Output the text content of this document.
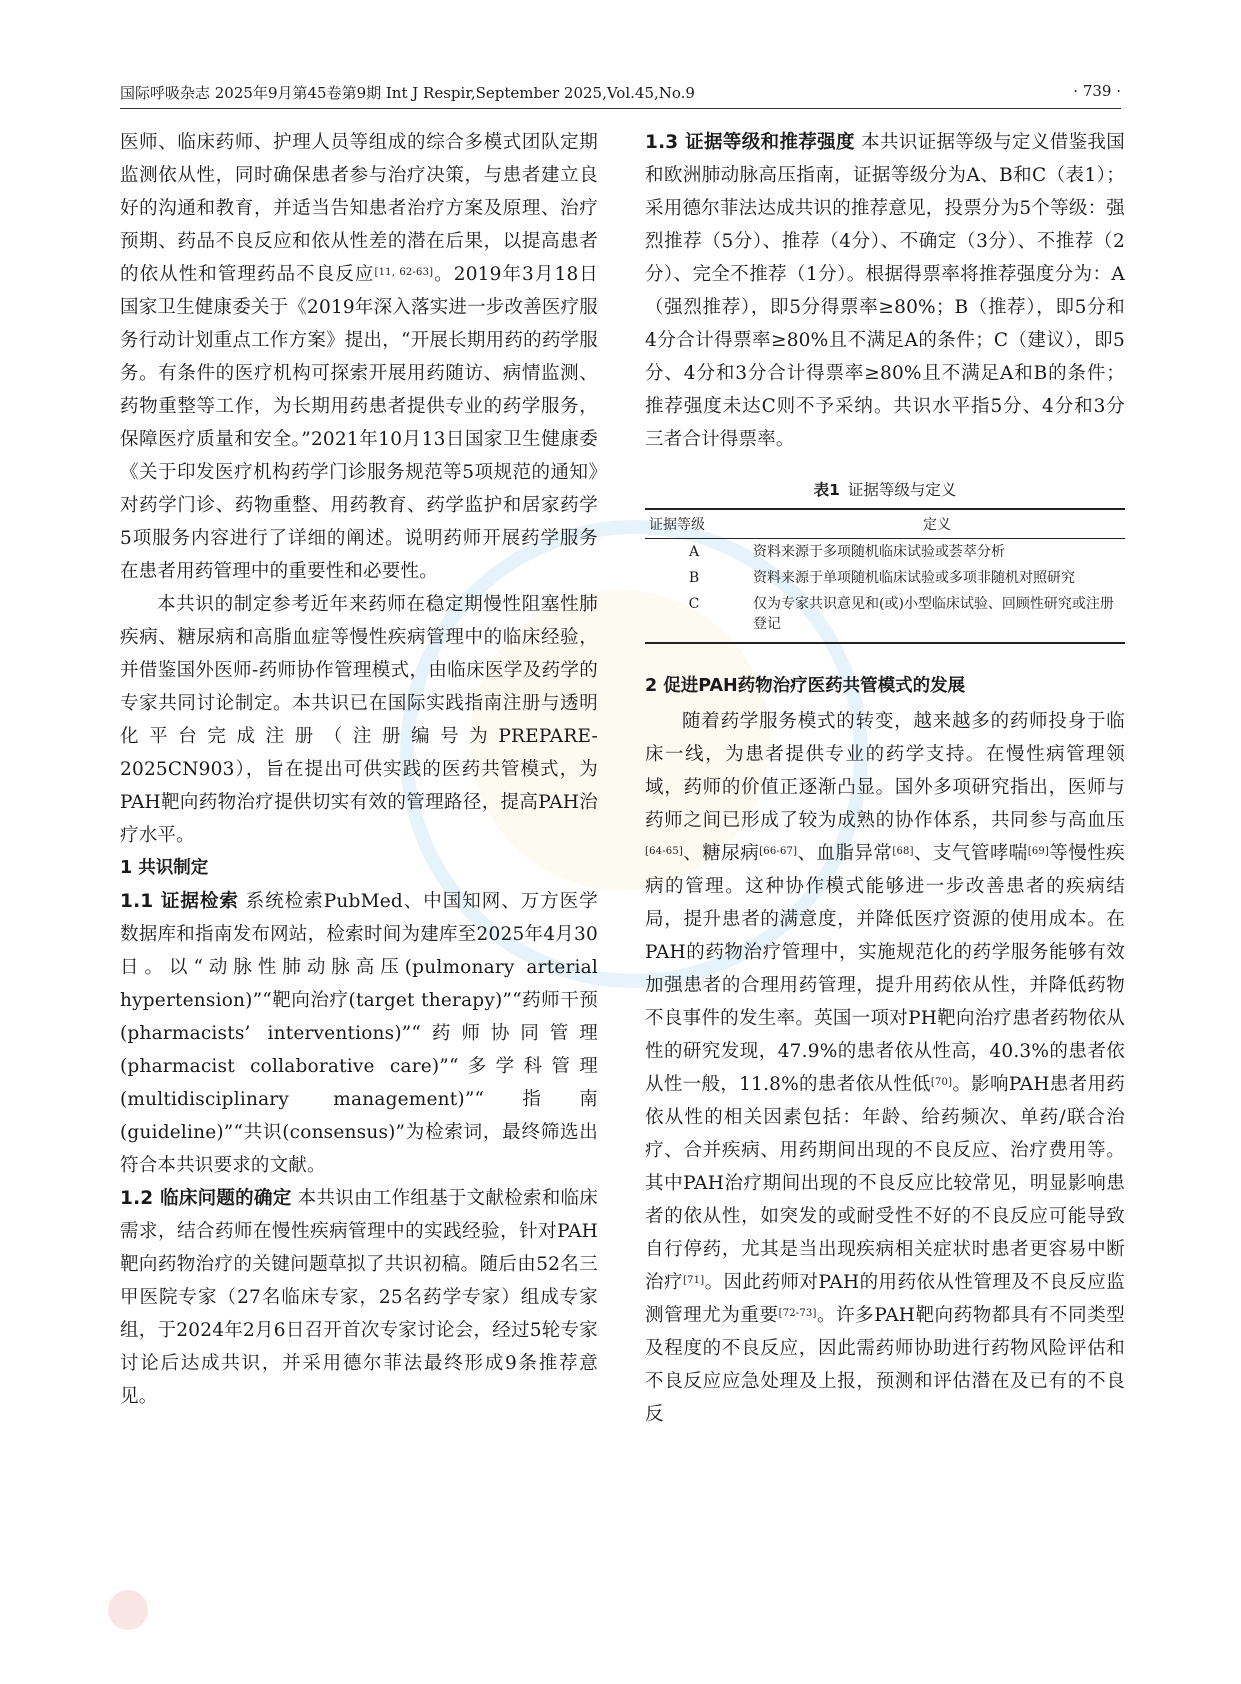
国际呼吸杂志 2025年9月第45卷第9期 Int J Respir,September 2025,Vol.45,No.9	· 739 ·

医师、临床药师、护理人员等组成的综合多模式团队定期监测依从性，同时确保患者参与治疗决策，与患者建立良好的沟通和教育，并适当告知患者治疗方案及原理、治疗预期、药品不良反应和依从性差的潜在后果，以提高患者的依从性和管理药品不良反应[11, 62-63]。2019年3月18日国家卫生健康委关于《2019年深入落实进一步改善医疗服务行动计划重点工作方案》提出，“开展长期用药的药学服务。有条件的医疗机构可探索开展用药随访、病情监测、药物重整等工作，为长期用药患者提供专业的药学服务，保障医疗质量和安全。”2021年10月13日国家卫生健康委《关于印发医疗机构药学门诊服务规范等5项规范的通知》对药学门诊、药物重整、用药教育、药学监护和居家药学5项服务内容进行了详细的阐述。说明药师开展药学服务在患者用药管理中的重要性和必要性。

本共识的制定参考近年来药师在稳定期慢性阻塞性肺疾病、糖尿病和高脂血症等慢性疾病管理中的临床经验，并借鉴国外医师-药师协作管理模式，由临床医学及药学的专家共同讨论制定。本共识已在国际实践指南注册与透明化平台完成注册（注册编号为PREPARE-2025CN903），旨在提出可供实践的医药共管模式，为PAH靶向药物治疗提供切实有效的管理路径，提高PAH治疗水平。

1 共识制定

1.1 证据检索 系统检索PubMed、中国知网、万方医学数据库和指南发布网站，检索时间为建库至2025年4月30日。以“动脉性肺动脉高压(pulmonary arterial hypertension)”“靶向治疗(target therapy)”“药师干预(pharmacists’ interventions)”“药师协同管理(pharmacist collaborative care)”“多学科管理(multidisciplinary management)”“指南(guideline)”“共识(consensus)”为检索词，最终筛选出符合本共识要求的文献。

1.2 临床问题的确定 本共识由工作组基于文献检索和临床需求，结合药师在慢性疾病管理中的实践经验，针对PAH靶向药物治疗的关键问题草拟了共识初稿。随后由52名三甲医院专家（27名临床专家，25名药学专家）组成专家组，于2024年2月6日召开首次专家讨论会，经过5轮专家讨论后达成共识，并采用德尔菲法最终形成9条推荐意见。

1.3 证据等级和推荐强度 本共识证据等级与定义借鉴我国和欧洲肺动脉高压指南，证据等级分为A、B和C（表1）；采用德尔菲法达成共识的推荐意见，投票分为5个等级：强烈推荐（5分）、推荐（4分）、不确定（3分）、不推荐（2分）、完全不推荐（1分）。根据得票率将推荐强度分为：A（强烈推荐），即5分得票率≥80%；B（推荐），即5分和4分合计得票率≥80%且不满足A的条件；C（建议），即5分、4分和3分合计得票率≥80%且不满足A和B的条件；推荐强度未达C则不予采纳。共识水平指5分、4分和3分三者合计得票率。

表1 证据等级与定义
证据等级	定义
A	资料来源于多项随机临床试验或荟萃分析
B	资料来源于单项随机临床试验或多项非随机对照研究
C	仅为专家共识意见和(或)小型临床试验、回顾性研究或注册登记

2 促进PAH药物治疗医药共管模式的发展

随着药学服务模式的转变，越来越多的药师投身于临床一线，为患者提供专业的药学支持。在慢性病管理领域，药师的价值正逐渐凸显。国外多项研究指出，医师与药师之间已形成了较为成熟的协作体系，共同参与高血压[64-65]、糖尿病[66-67]、血脂异常[68]、支气管哮喘[69]等慢性疾病的管理。这种协作模式能够进一步改善患者的疾病结局，提升患者的满意度，并降低医疗资源的使用成本。在PAH的药物治疗管理中，实施规范化的药学服务能够有效加强患者的合理用药管理，提升用药依从性，并降低药物不良事件的发生率。英国一项对PH靶向治疗患者药物依从性的研究发现，47.9%的患者依从性高，40.3%的患者依从性一般，11.8%的患者依从性低[70]。影响PAH患者用药依从性的相关因素包括：年龄、给药频次、单药/联合治疗、合并疾病、用药期间出现的不良反应、治疗费用等。其中PAH治疗期间出现的不良反应比较常见，明显影响患者的依从性，如突发的或耐受性不好的不良反应可能导致自行停药，尤其是当出现疾病相关症状时患者更容易中断治疗[71]。因此药师对PAH的用药依从性管理及不良反应监测管理尤为重要[72-73]。许多PAH靶向药物都具有不同类型及程度的不良反应，因此需药师协助进行药物风险评估和不良反应应急处理及上报，预测和评估潜在及已有的不良反
